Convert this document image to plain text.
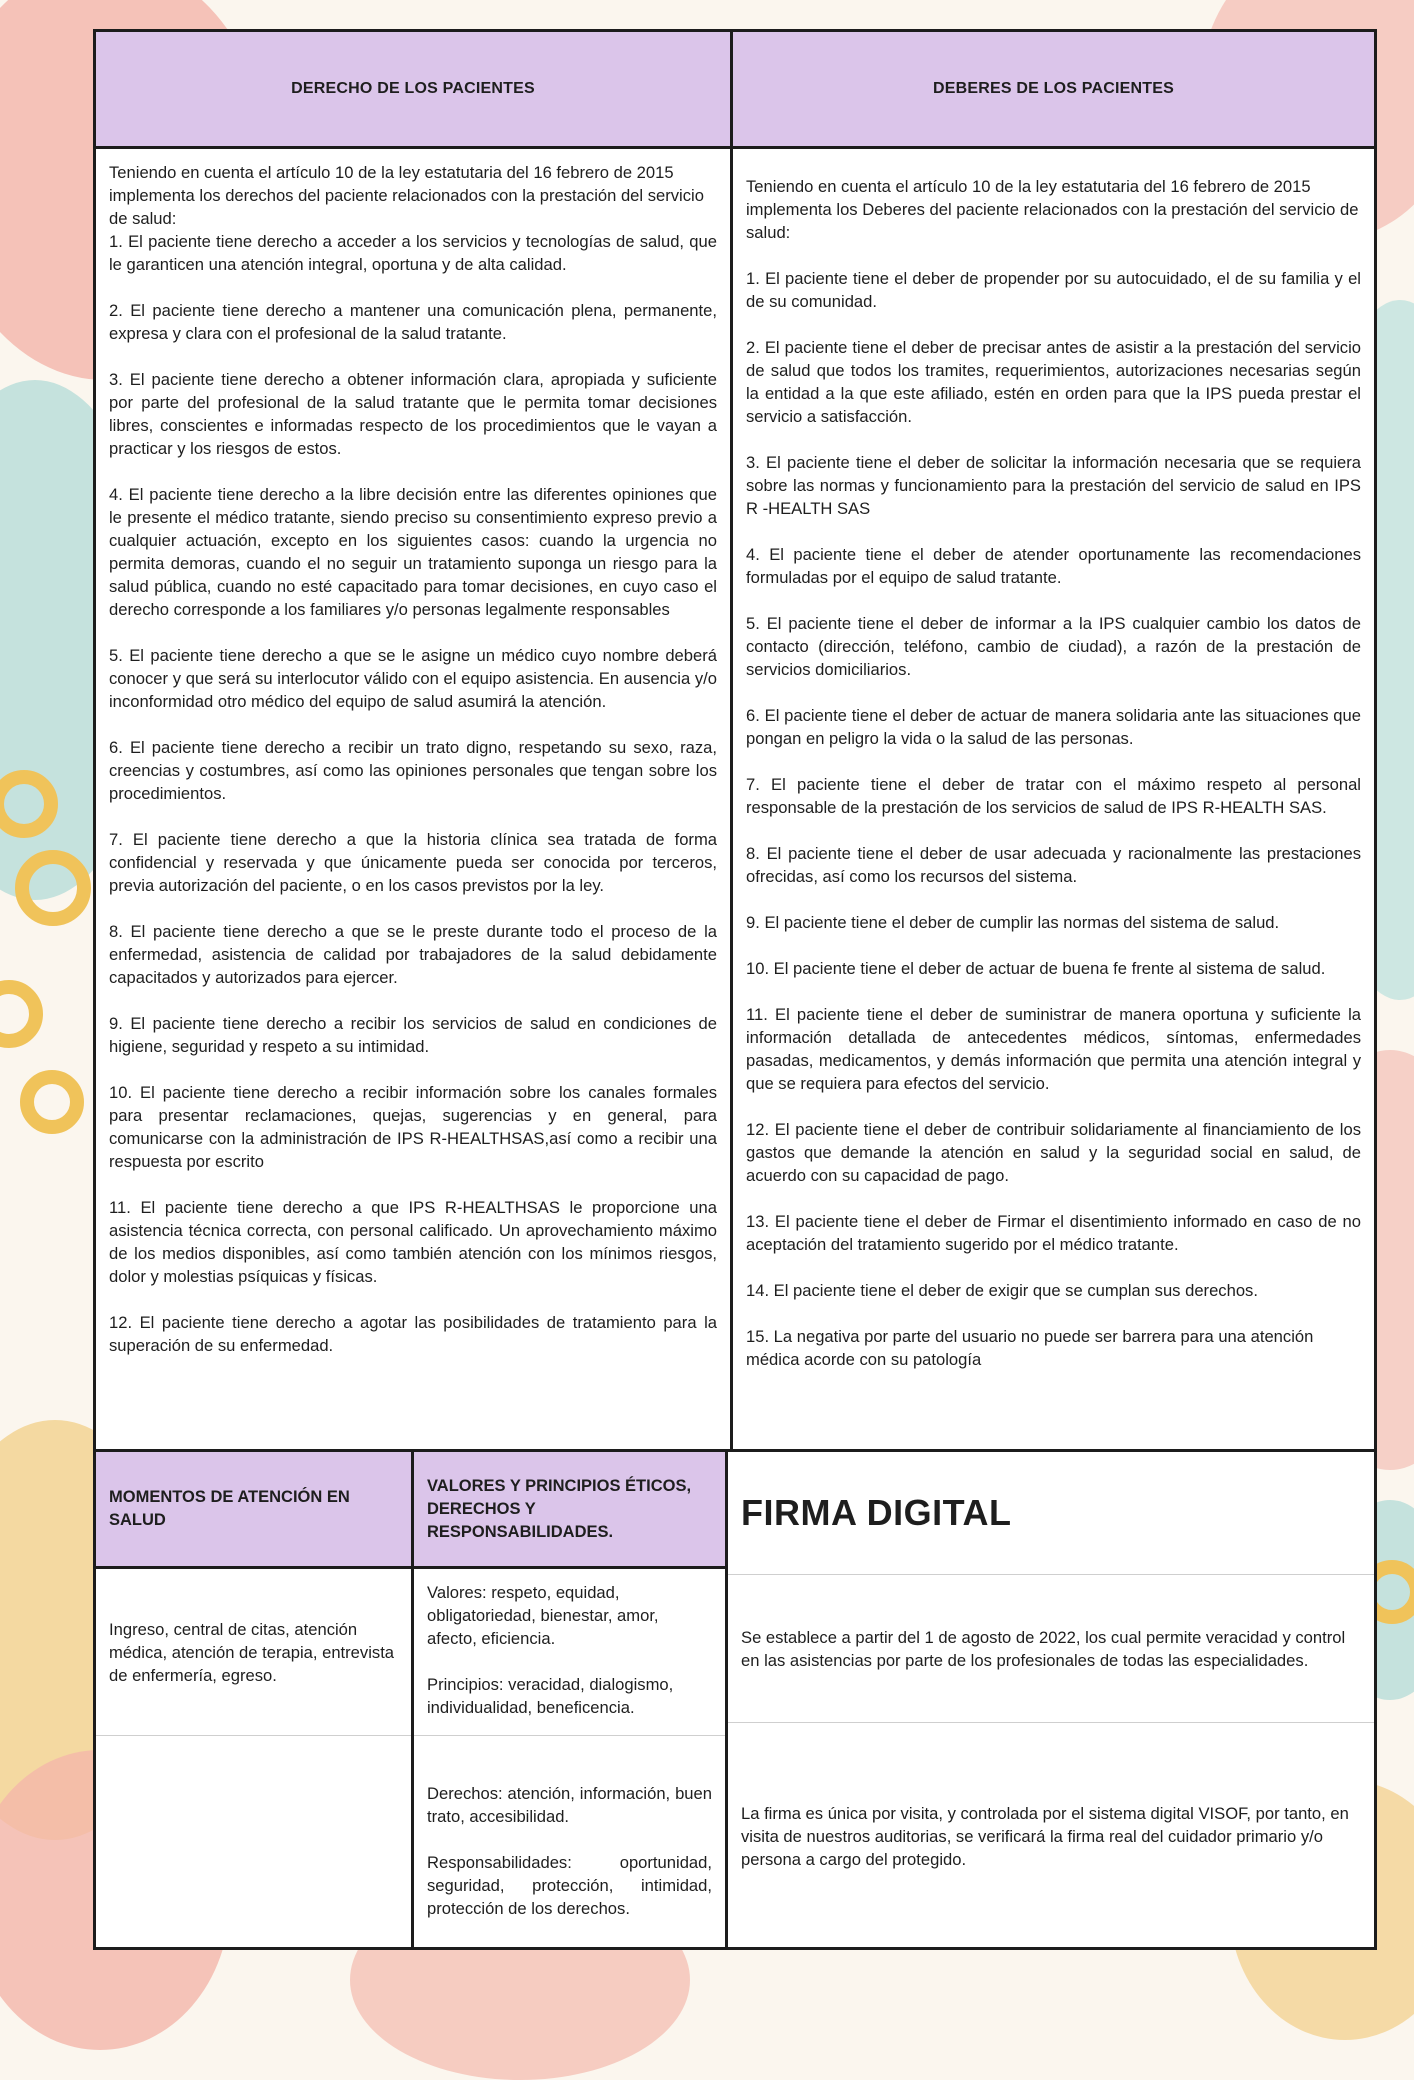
DERECHO DE LOS PACIENTES

Teniendo en cuenta el artículo 10 de la ley estatutaria del 16 febrero de 2015 implementa los derechos del paciente relacionados con la prestación del servicio de salud:

1. El paciente tiene derecho a acceder a los servicios y tecnologías de salud, que le garanticen una atención integral, oportuna y de alta calidad.

2. El paciente tiene derecho a mantener una comunicación plena, permanente, expresa y clara con el profesional de la salud tratante.

3. El paciente tiene derecho a obtener información clara, apropiada y suficiente por parte del profesional de la salud tratante que le permita tomar decisiones libres, conscientes e informadas respecto de los procedimientos que le vayan a practicar y los riesgos de estos.

4. El paciente tiene derecho a la libre decisión entre las diferentes opiniones que le presente el médico tratante, siendo preciso su consentimiento expreso previo a cualquier actuación, excepto en los siguientes casos: cuando la urgencia no permita demoras, cuando el no seguir un tratamiento suponga un riesgo para la salud pública, cuando no esté capacitado para tomar decisiones, en cuyo caso el derecho corresponde a los familiares y/o personas legalmente responsables

5. El paciente tiene derecho a que se le asigne un médico cuyo nombre deberá conocer y que será su interlocutor válido con el equipo asistencia. En ausencia y/o inconformidad otro médico del equipo de salud asumirá la atención.

6. El paciente tiene derecho a recibir un trato digno, respetando su sexo, raza, creencias y costumbres, así como las opiniones personales que tengan sobre los procedimientos.

7. El paciente tiene derecho a que la historia clínica sea tratada de forma confidencial y reservada y que únicamente pueda ser conocida por terceros, previa autorización del paciente, o en los casos previstos por la ley.

8. El paciente tiene derecho a que se le preste durante todo el proceso de la enfermedad, asistencia de calidad por trabajadores de la salud debidamente capacitados y autorizados para ejercer.

9. El paciente tiene derecho a recibir los servicios de salud en condiciones de higiene, seguridad y respeto a su intimidad.

10. El paciente tiene derecho a recibir información sobre los canales formales para presentar reclamaciones, quejas, sugerencias y en general, para comunicarse con la administración de IPS R-HEALTHSAS,así como a recibir una respuesta por escrito

11. El paciente tiene derecho a que IPS R-HEALTHSAS le proporcione una asistencia técnica correcta, con personal calificado. Un aprovechamiento máximo de los medios disponibles, así como también atención con los mínimos riesgos, dolor y molestias psíquicas y físicas.

12. El paciente tiene derecho a agotar las posibilidades de tratamiento para la superación de su enfermedad.

DEBERES DE LOS PACIENTES

Teniendo en cuenta el artículo 10 de la ley estatutaria del 16 febrero de 2015 implementa los Deberes del paciente relacionados con la prestación del servicio de salud:

1. El paciente tiene el deber de propender por su autocuidado, el de su familia y el de su comunidad.

2. El paciente tiene el deber de precisar antes de asistir a la prestación del servicio de salud que todos los tramites, requerimientos, autorizaciones necesarias según la entidad a la que este afiliado, estén en orden para que la IPS pueda prestar el servicio a satisfacción.

3. El paciente tiene el deber de solicitar la información necesaria que se requiera sobre las normas y funcionamiento para la prestación del servicio de salud en IPS R -HEALTH SAS

4. El paciente tiene el deber de atender oportunamente las recomendaciones formuladas por el equipo de salud tratante.

5. El paciente tiene el deber de informar a la IPS cualquier cambio los datos de contacto (dirección, teléfono, cambio de ciudad), a razón de la prestación de servicios domiciliarios.

6. El paciente tiene el deber de actuar de manera solidaria ante las situaciones que pongan en peligro la vida o la salud de las personas.

7. El paciente tiene el deber de tratar con el máximo respeto al personal responsable de la prestación de los servicios de salud de IPS R-HEALTH SAS.

8. El paciente tiene el deber de usar adecuada y racionalmente las prestaciones ofrecidas, así como los recursos del sistema.

9. El paciente tiene el deber de cumplir las normas del sistema de salud.

10. El paciente tiene el deber de actuar de buena fe frente al sistema de salud.

11. El paciente tiene el deber de suministrar de manera oportuna y suficiente la información detallada de antecedentes médicos, síntomas, enfermedades pasadas, medicamentos, y demás información que permita una atención integral y que se requiera para efectos del servicio.

12. El paciente tiene el deber de contribuir solidariamente al financiamiento de los gastos que demande la atención en salud y la seguridad social en salud, de acuerdo con su capacidad de pago.

13. El paciente tiene el deber de Firmar el disentimiento informado en caso de no aceptación del tratamiento sugerido por el médico tratante.

14. El paciente tiene el deber de exigir que se cumplan sus derechos.

15. La negativa por parte del usuario no puede ser barrera para una atención médica acorde con su patología

MOMENTOS DE ATENCIÓN EN SALUD
Ingreso, central de citas, atención médica, atención de terapia, entrevista de enfermería, egreso.
VALORES Y PRINCIPIOS ÉTICOS, DERECHOS Y RESPONSABILIDADES.
Valores: respeto, equidad, obligatoriedad, bienestar, amor, afecto, eficiencia.
Principios: veracidad, dialogismo, individualidad, beneficencia.
Derechos: atención, información, buen trato, accesibilidad.
Responsabilidades: oportunidad, seguridad, protección, intimidad, protección de los derechos.
FIRMA DIGITAL
Se establece a partir del 1 de agosto de 2022, los cual permite veracidad y control en las asistencias por parte de los profesionales de todas las especialidades.
La firma es única por visita, y controlada por el sistema digital VISOF, por tanto, en visita de nuestros auditorias, se verificará la firma real del cuidador primario y/o persona a cargo del protegido.
